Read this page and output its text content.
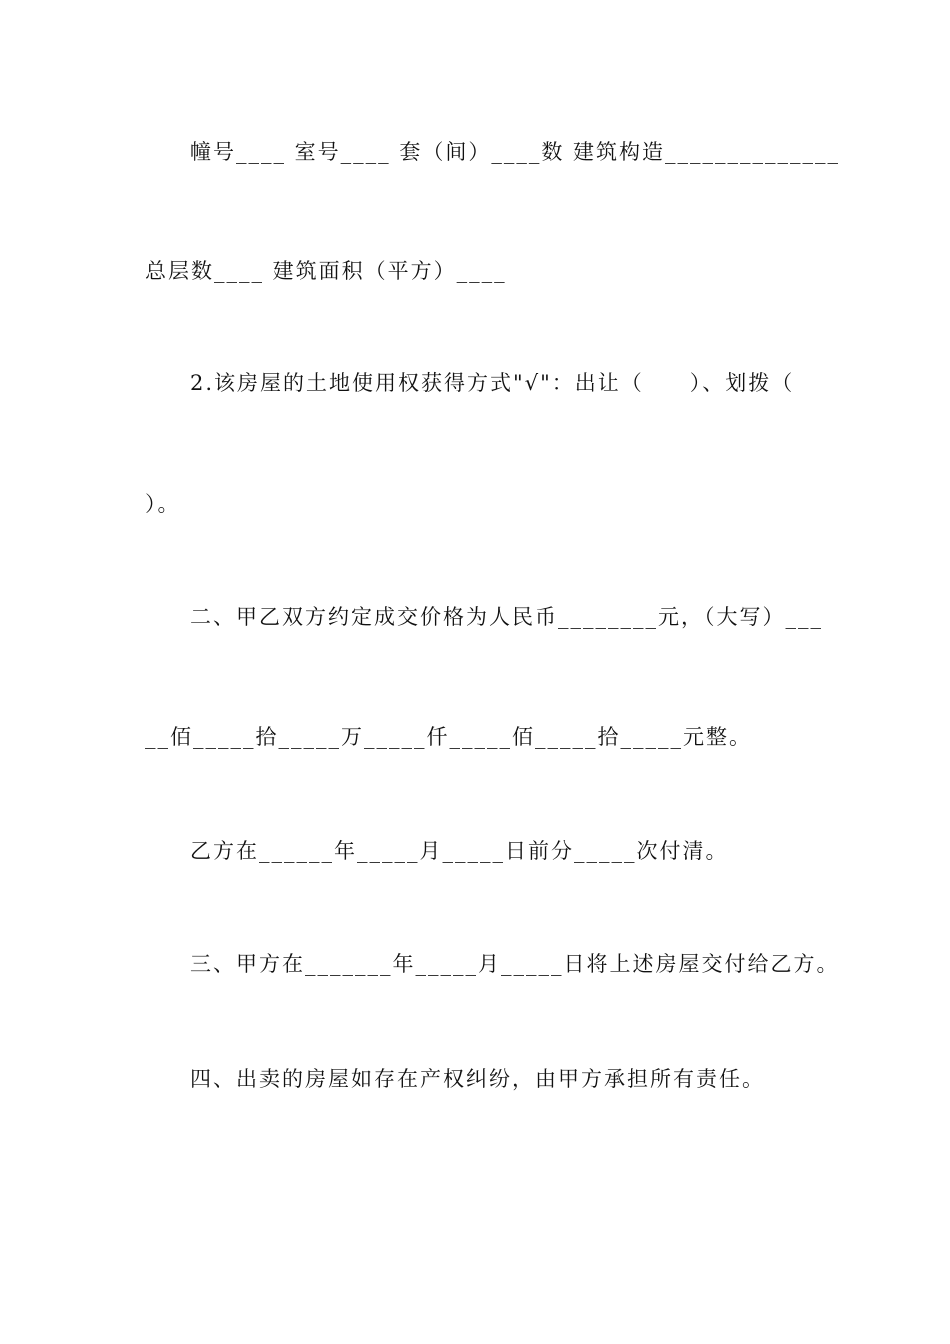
幢号____ 室号____ 套（间）____数 建筑构造______________
总层数____ 建筑面积（平方）____
2.该房屋的土地使用权获得方式"√"：出让（　　）、划拨（
）。
二、甲乙双方约定成交价格为人民币________元，（大写）___
__佰_____拾_____万_____仟_____佰_____拾_____元整。
乙方在______年_____月_____日前分_____次付清。
三、甲方在_______年_____月_____日将上述房屋交付给乙方。
四、出卖的房屋如存在产权纠纷，由甲方承担所有责任。
